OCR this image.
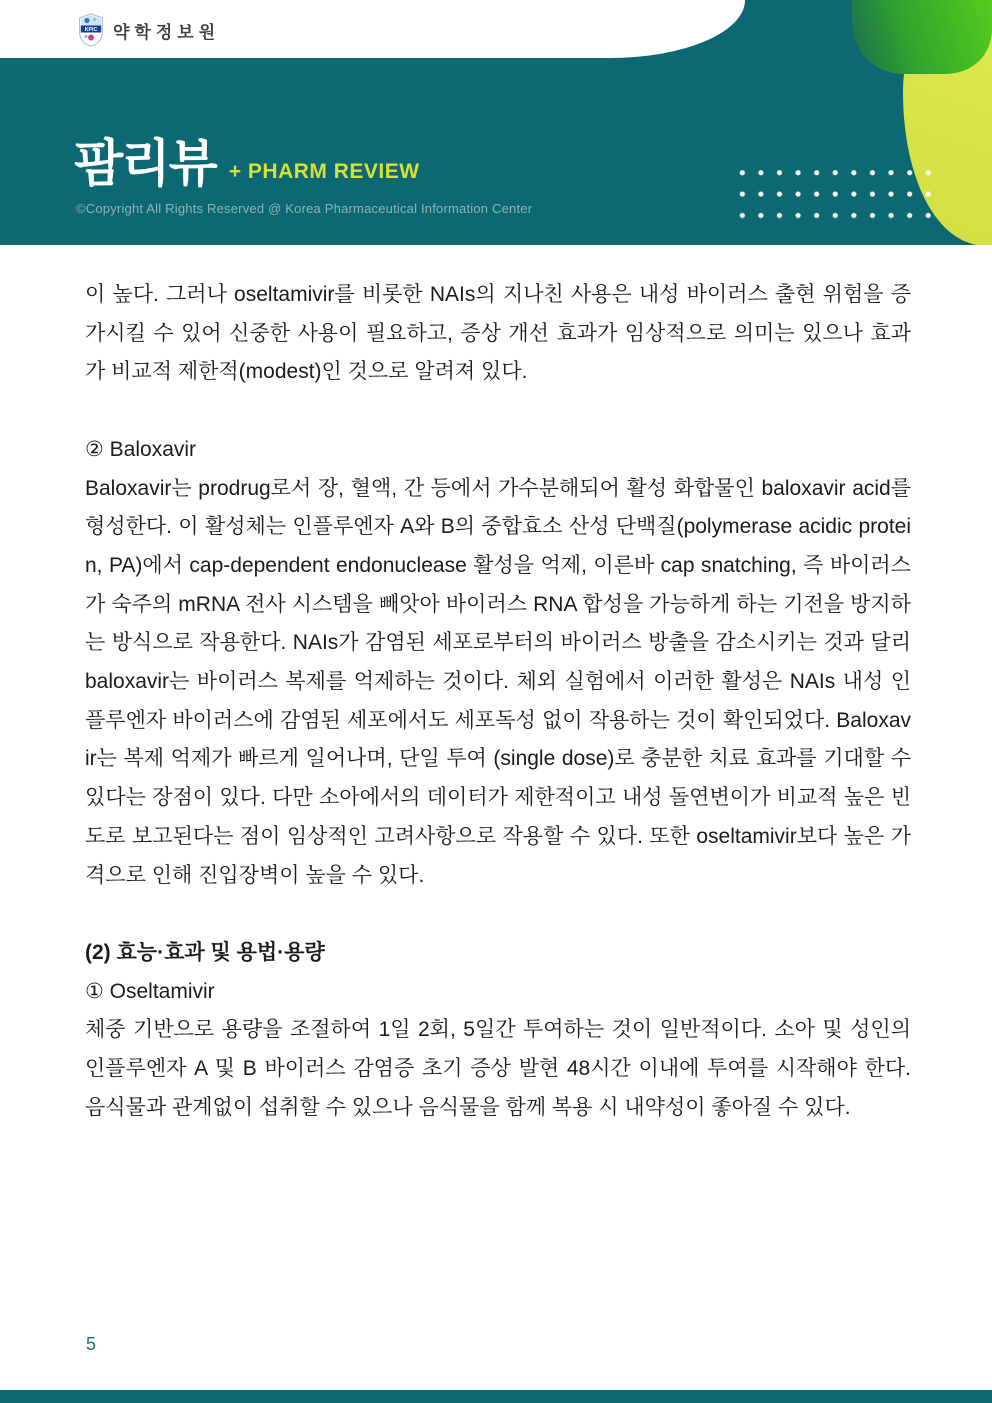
팜리뷰 + PHARM REVIEW
©Copyright All Rights Reserved @ Korea Pharmaceutical Information Center
KPIC 약학정보원

이 높다. 그러나 oseltamivir를 비롯한 NAIs의 지나친 사용은 내성 바이러스 출현 위험을 증가시킬 수 있어 신중한 사용이 필요하고, 증상 개선 효과가 임상적으로 의미는 있으나 효과가 비교적 제한적(modest)인 것으로 알려져 있다.

② Baloxavir

Baloxavir는 prodrug로서 장, 혈액, 간 등에서 가수분해되어 활성 화합물인 baloxavir acid를 형성한다. 이 활성체는 인플루엔자 A와 B의 중합효소 산성 단백질(polymerase acidic protein, PA)에서 cap-dependent endonuclease 활성을 억제, 이른바 cap snatching, 즉 바이러스가 숙주의 mRNA 전사 시스템을 빼앗아 바이러스 RNA 합성을 가능하게 하는 기전을 방지하는 방식으로 작용한다. NAIs가 감염된 세포로부터의 바이러스 방출을 감소시키는 것과 달리 baloxavir는 바이러스 복제를 억제하는 것이다. 체외 실험에서 이러한 활성은 NAIs 내성 인플루엔자 바이러스에 감염된 세포에서도 세포독성 없이 작용하는 것이 확인되었다. Baloxavir는 복제 억제가 빠르게 일어나며, 단일 투여 (single dose)로 충분한 치료 효과를 기대할 수 있다는 장점이 있다. 다만 소아에서의 데이터가 제한적이고 내성 돌연변이가 비교적 높은 빈도로 보고된다는 점이 임상적인 고려사항으로 작용할 수 있다. 또한 oseltamivir보다 높은 가격으로 인해 진입장벽이 높을 수 있다.

(2) 효능·효과 및 용법·용량
① Oseltamivir

체중 기반으로 용량을 조절하여 1일 2회, 5일간 투여하는 것이 일반적이다. 소아 및 성인의 인플루엔자 A 및 B 바이러스 감염증 초기 증상 발현 48시간 이내에 투여를 시작해야 한다. 음식물과 관계없이 섭취할 수 있으나 음식물을 함께 복용 시 내약성이 좋아질 수 있다.

5
